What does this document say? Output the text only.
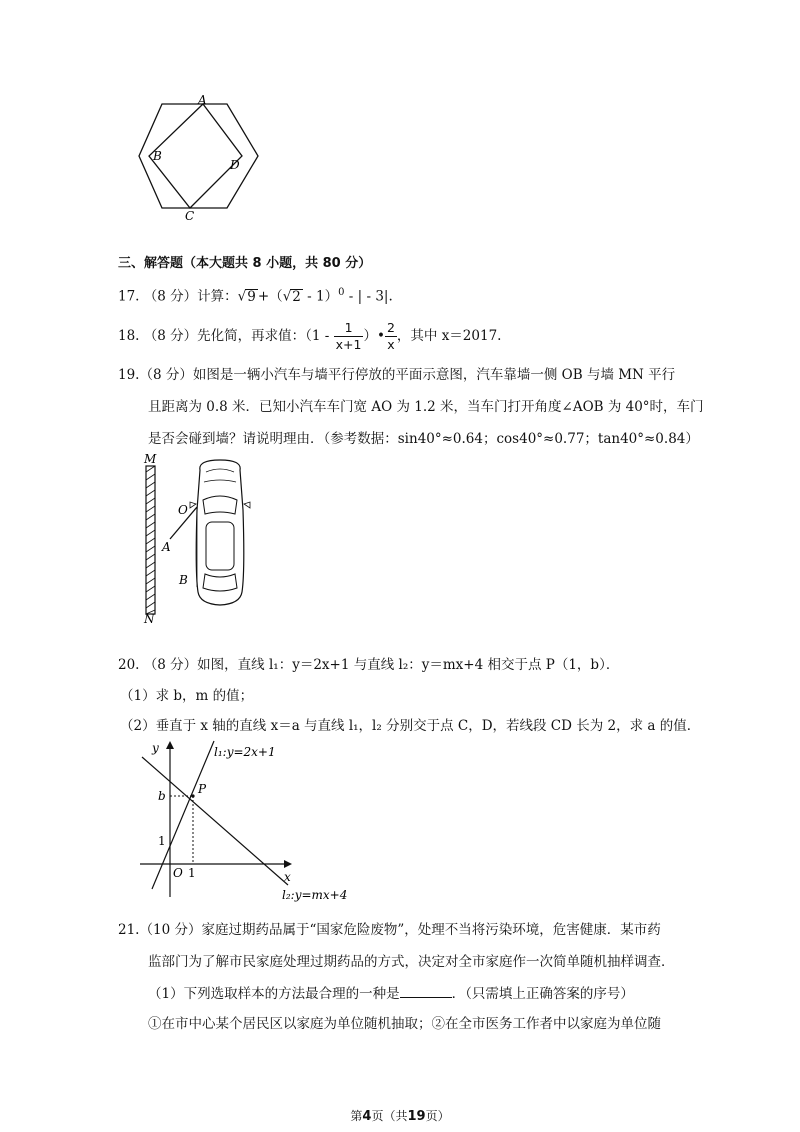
A
B
D
C
三、解答题（本大题共 8 小题，共 80 分）
17. （8 分）计算：√9 +（√2 - 1）$^0$ - | - 3|.
18. （8 分）先化简，再求值：（$1 - \frac{1}{x+1}$ ）• $\frac{2}{x}$ ，其中 x＝2017.
19.（8 分）如图是一辆小汽车与墙平行停放的平面示意图，汽车靠墙一侧 OB 与墙 MN 平行
且距离为 0.8 米．已知小汽车车门宽 AO 为 1.2 米，当车门打开角度∠AOB 为 40°时，车门
是否会碰到墙？请说明理由．（参考数据：sin40°≈0.64；cos40°≈0.77；tan40°≈0.84）
M
N
O
A
B
20. （8 分）如图，直线 l₁：y＝2x+1 与直线 l₂：y＝mx+4 相交于点 P（1，b）．
（1）求 b，m 的值；
（2）垂直于 x 轴的直线 x＝a 与直线 l₁，l₂ 分别交于点 C，D，若线段 CD 长为 2，求 a 的值．
y
x
l₁:y=2x+1
l₂:y=mx+4
P
b
1
O 1
21.（10 分）家庭过期药品属于“国家危险废物”，处理不当将污染环境，危害健康．某市药
监部门为了解市民家庭处理过期药品的方式，决定对全市家庭作一次简单随机抽样调查．
（1）下列选取样本的方法最合理的一种是	．（只需填上正确答案的序号）
①在市中心某个居民区以家庭为单位随机抽取；②在全市医务工作者中以家庭为单位随
第4页（共19页）
